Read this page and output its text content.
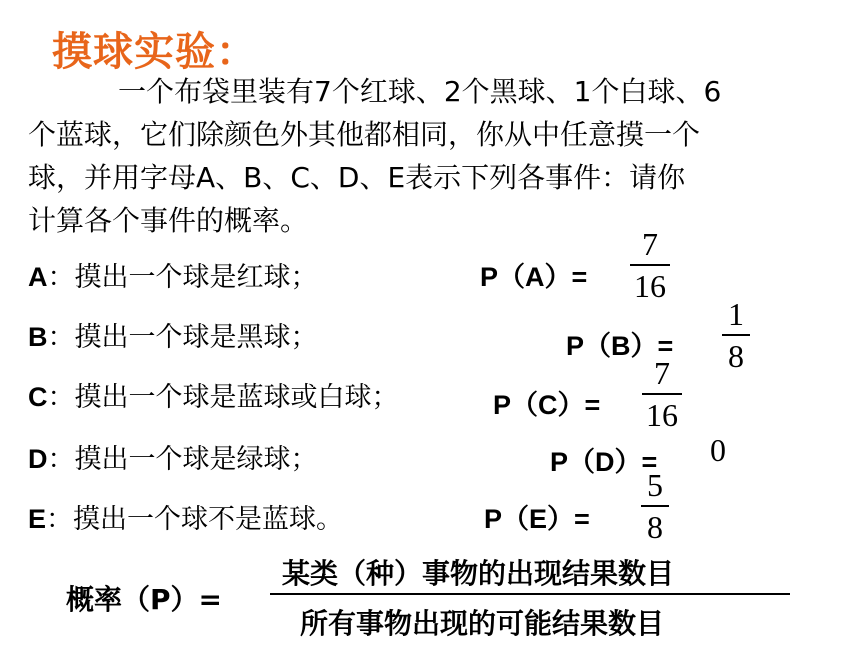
摸球实验：
一个布袋里装有7个红球、2个黑球、1个白球、6
个蓝球，它们除颜色外其他都相同，你从中任意摸一个
球，并用字母A、B、C、D、E表示下列各事件：请你
计算各个事件的概率。
A：摸出一个球是红球；	P（A）=
7
16
B：摸出一个球是黑球；	P（B）=
1
8
C：摸出一个球是蓝球或白球；	P（C）=
7
16
D：摸出一个球是绿球；	P（D）= 0
E：摸出一个球不是蓝球。	P（E）=
5
8
概率（P）=
某类（种）事物的出现结果数目
所有事物出现的可能结果数目
